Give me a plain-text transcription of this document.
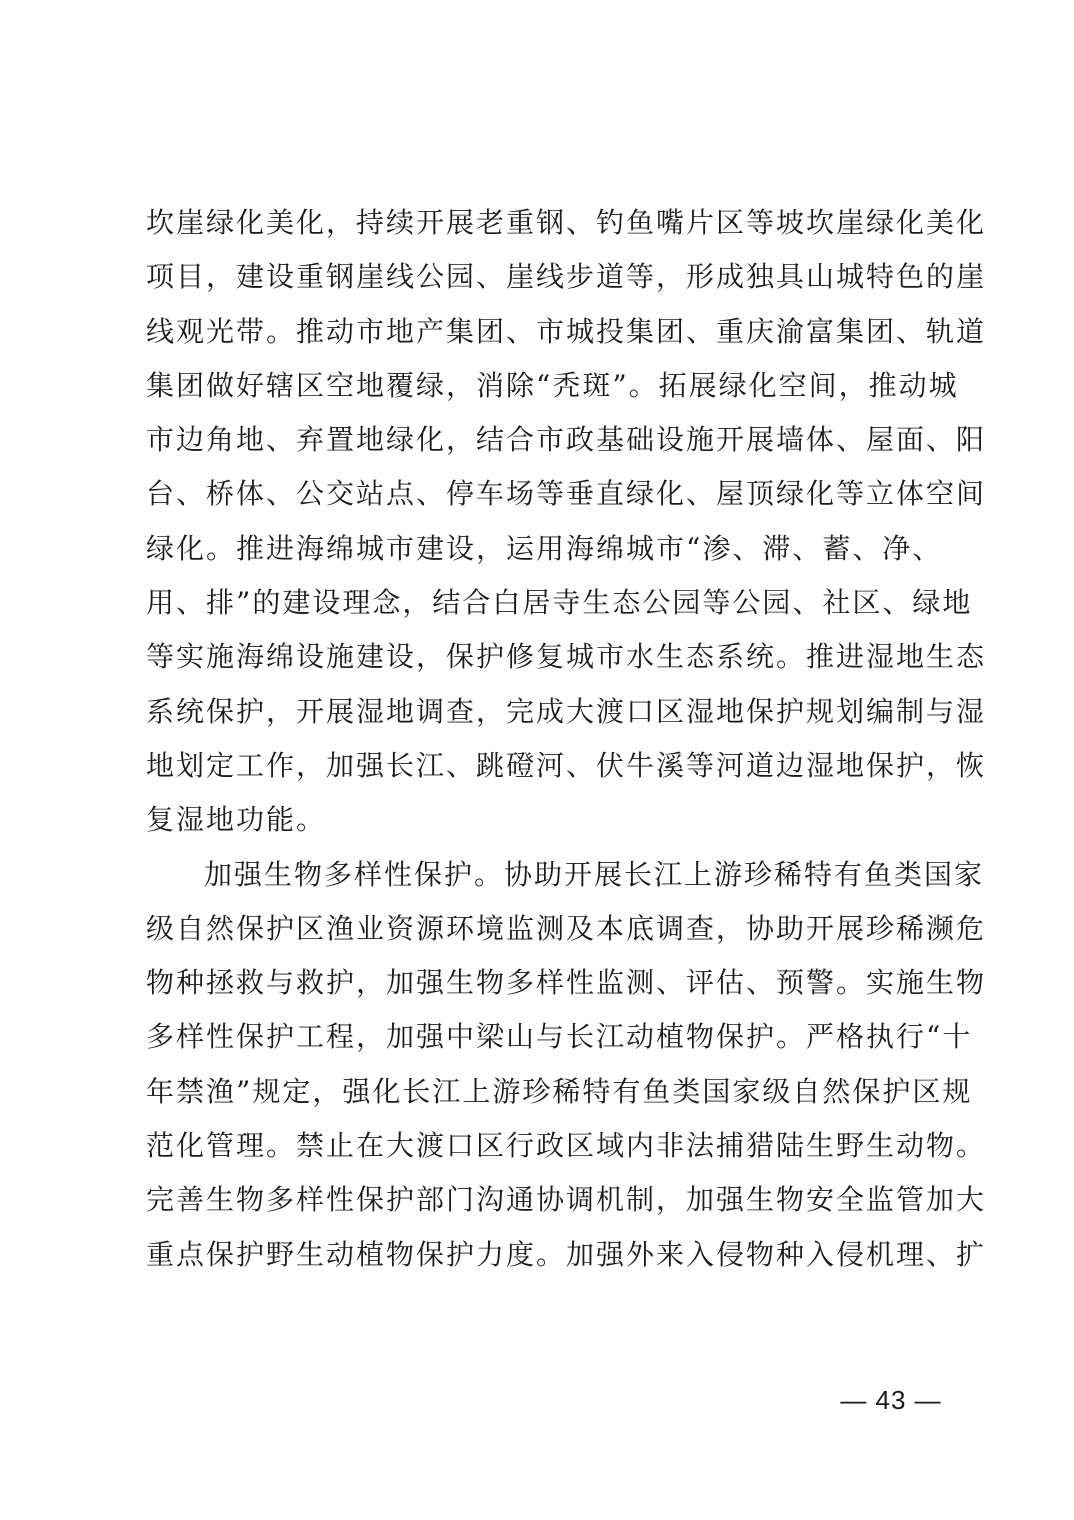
坎崖绿化美化，持续开展老重钢、钓鱼嘴片区等坡坎崖绿化美化
项目，建设重钢崖线公园、崖线步道等，形成独具山城特色的崖
线观光带。推动市地产集团、市城投集团、重庆渝富集团、轨道
集团做好辖区空地覆绿，消除“秃斑”。拓展绿化空间，推动城
市边角地、弃置地绿化，结合市政基础设施开展墙体、屋面、阳
台、桥体、公交站点、停车场等垂直绿化、屋顶绿化等立体空间
绿化。推进海绵城市建设，运用海绵城市“渗、滞、蓄、净、
用、排”的建设理念，结合白居寺生态公园等公园、社区、绿地
等实施海绵设施建设，保护修复城市水生态系统。推进湿地生态
系统保护，开展湿地调查，完成大渡口区湿地保护规划编制与湿
地划定工作，加强长江、跳磴河、伏牛溪等河道边湿地保护，恢
复湿地功能。
加强生物多样性保护。协助开展长江上游珍稀特有鱼类国家
级自然保护区渔业资源环境监测及本底调查，协助开展珍稀濒危
物种拯救与救护，加强生物多样性监测、评估、预警。实施生物
多样性保护工程，加强中梁山与长江动植物保护。严格执行“十
年禁渔”规定，强化长江上游珍稀特有鱼类国家级自然保护区规
范化管理。禁止在大渡口区行政区域内非法捕猎陆生野生动物。
完善生物多样性保护部门沟通协调机制，加强生物安全监管加大
重点保护野生动植物保护力度。加强外来入侵物种入侵机理、扩
— 43 —
